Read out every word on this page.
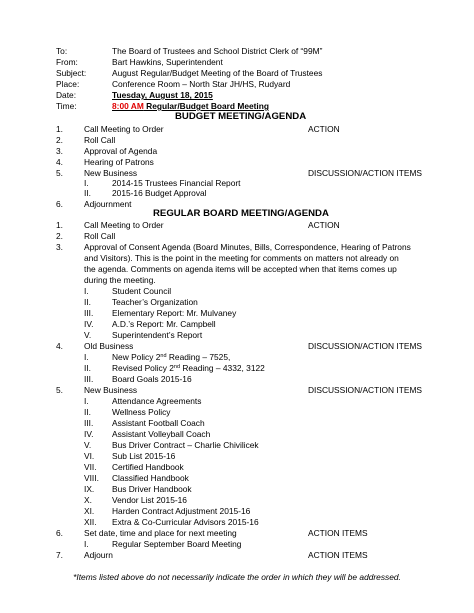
To:	The Board of Trustees and School District Clerk of “99M”
From:	Bart Hawkins, Superintendent
Subject:	August Regular/Budget Meeting of the Board of Trustees
Place:	Conference Room – North Star JH/HS, Rudyard
Date:	Tuesday, August 18, 2015
Time:	8:00 AM Regular/Budget Board Meeting
BUDGET MEETING/AGENDA
1.	Call Meeting to Order	ACTION
2.	Roll Call
3.	Approval of Agenda
4.	Hearing of Patrons
5.	New Business	DISCUSSION/ACTION ITEMS
I.	2014-15 Trustees Financial Report
II.	2015-16 Budget Approval
6.	Adjournment
REGULAR BOARD MEETING/AGENDA
1.	Call Meeting to Order	ACTION
2.	Roll Call
3.	Approval of Consent Agenda (Board Minutes, Bills, Correspondence, Hearing of Patrons
and Visitors). This is the point in the meeting for comments on matters not already on
the agenda. Comments on agenda items will be accepted when that items comes up
during the meeting.
I.	Student Council
II.	Teacher’s Organization
III. Elementary Report: Mr. Mulvaney
IV. A.D.’s Report: Mr. Campbell
V. Superintendent’s Report
4.	Old Business	DISCUSSION/ACTION ITEMS
I.	New Policy 2nd Reading – 7525,
II.	Revised Policy 2nd Reading – 4332, 3122
III. Board Goals 2015-16
5.	New Business	DISCUSSION/ACTION ITEMS
I.	Attendance Agreements
II.	Wellness Policy
III. Assistant Football Coach
IV. Assistant Volleyball Coach
V. Bus Driver Contract – Charlie Chivilicek
VI. Sub List 2015-16
VII. Certified Handbook
VIII. Classified Handbook
IX. Bus Driver Handbook
X. Vendor List 2015-16
XI. Harden Contract Adjustment 2015-16
XII. Extra & Co-Curricular Advisors 2015-16
6.	Set date, time and place for next meeting	ACTION ITEMS
I.	Regular September Board Meeting
7.	Adjourn	ACTION ITEMS
*Items listed above do not necessarily indicate the order in which they will be addressed.
